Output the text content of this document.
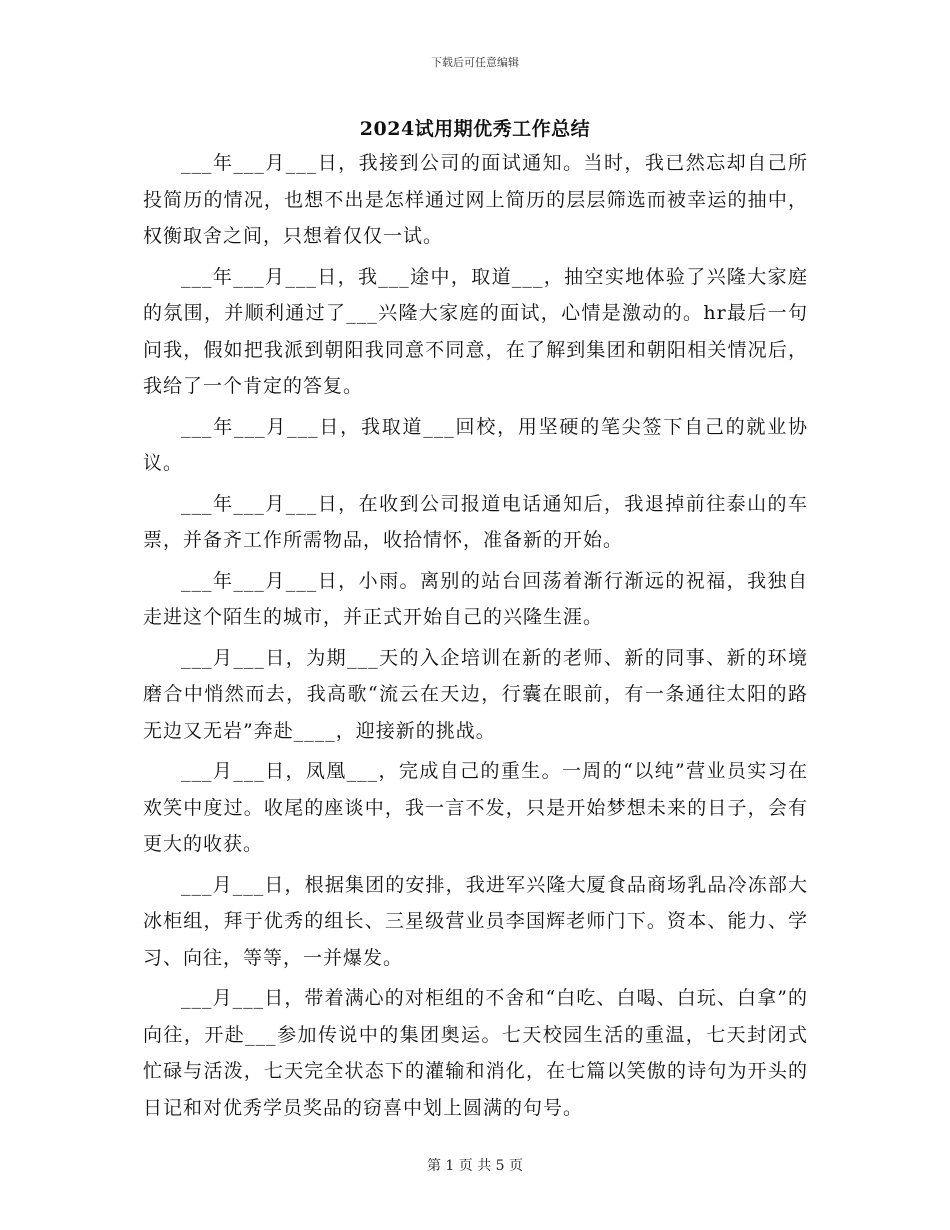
下载后可任意编辑
2024试用期优秀工作总结

___年___月___日，我接到公司的面试通知。当时，我已然忘却自己所投简历的情况，也想不出是怎样通过网上简历的层层筛选而被幸运的抽中，权衡取舍之间，只想着仅仅一试。

___年___月___日，我___途中，取道___，抽空实地体验了兴隆大家庭的氛围，并顺利通过了___兴隆大家庭的面试，心情是激动的。hr最后一句问我，假如把我派到朝阳我同意不同意，在了解到集团和朝阳相关情况后，我给了一个肯定的答复。

___年___月___日，我取道___回校，用坚硬的笔尖签下自己的就业协议。

___年___月___日，在收到公司报道电话通知后，我退掉前往泰山的车票，并备齐工作所需物品，收拾情怀，准备新的开始。

___年___月___日，小雨。离别的站台回荡着渐行渐远的祝福，我独自走进这个陌生的城市，并正式开始自己的兴隆生涯。

___月___日，为期___天的入企培训在新的老师、新的同事、新的环境磨合中悄然而去，我高歌“流云在天边，行囊在眼前，有一条通往太阳的路无边又无岩”奔赴____，迎接新的挑战。

___月___日，凤凰___，完成自己的重生。一周的“以纯”营业员实习在欢笑中度过。收尾的座谈中，我一言不发，只是开始梦想未来的日子，会有更大的收获。

___月___日，根据集团的安排，我进军兴隆大厦食品商场乳品冷冻部大冰柜组，拜于优秀的组长、三星级营业员李国辉老师门下。资本、能力、学习、向往，等等，一并爆发。

___月___日，带着满心的对柜组的不舍和“白吃、白喝、白玩、白拿”的向往，开赴___参加传说中的集团奥运。七天校园生活的重温，七天封闭式忙碌与活泼，七天完全状态下的灌输和消化，在七篇以笑傲的诗句为开头的日记和对优秀学员奖品的窃喜中划上圆满的句号。

第 1 页 共 5 页
